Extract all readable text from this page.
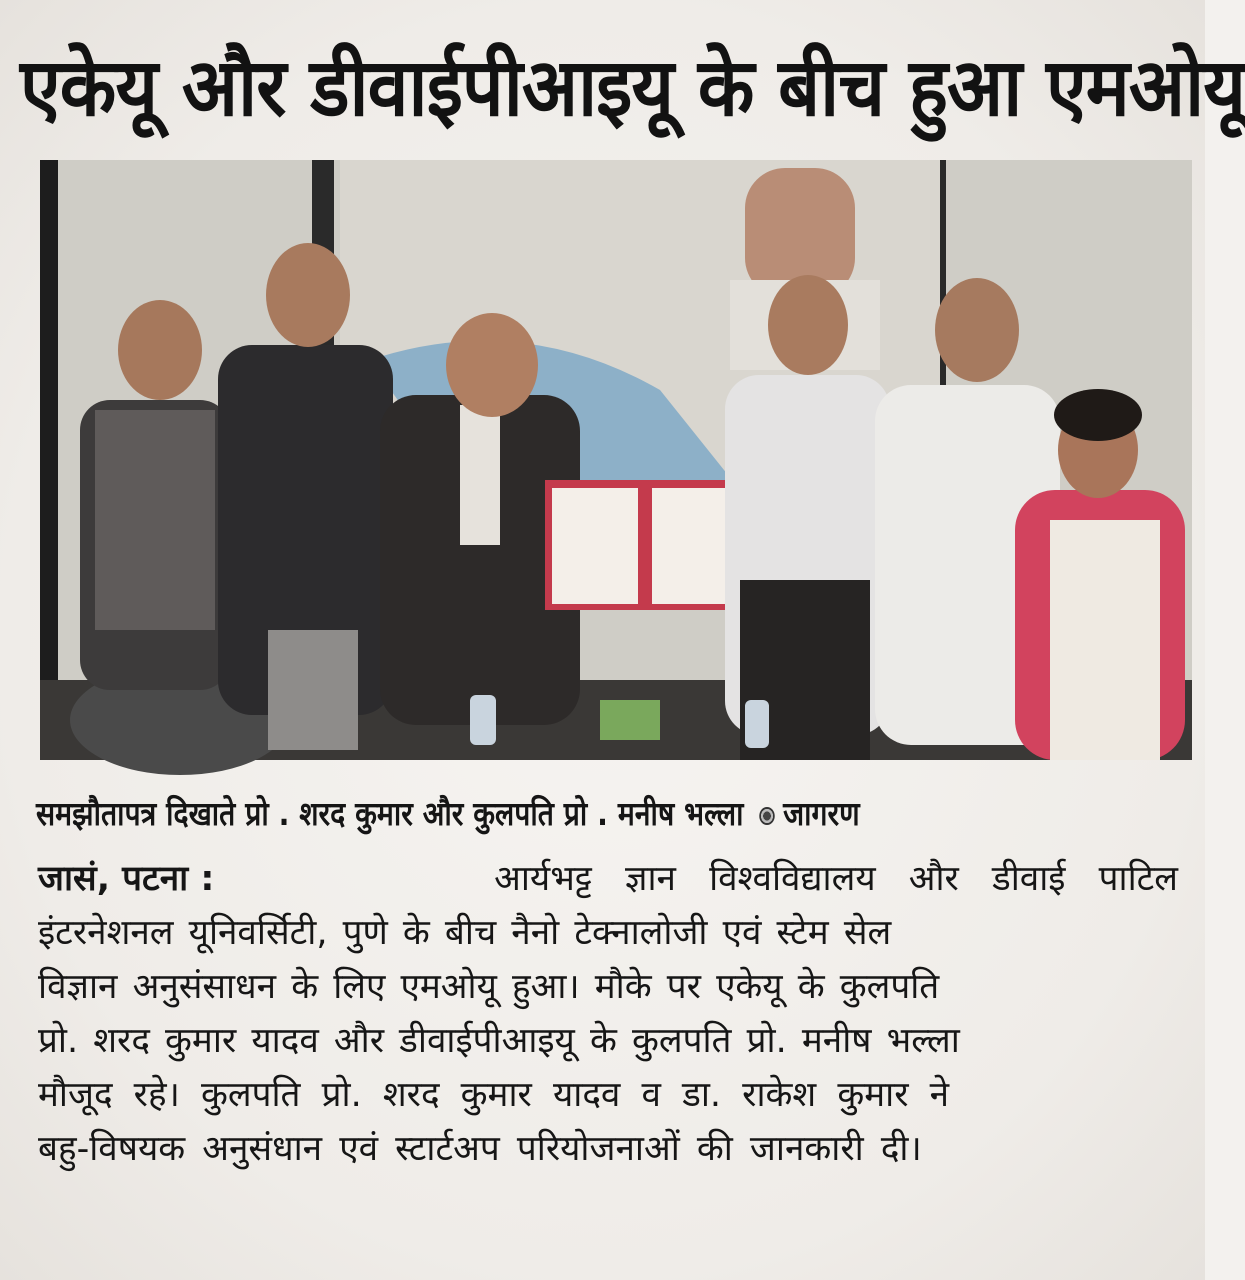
एकेयू और डीवाईपीआइयू के बीच हुआ एमओयू
समझौतापत्र दिखाते प्रो . शरद कुमार और कुलपति प्रो . मनीष भल्ला जागरण
जासं, पटना :	आर्यभट्ट ज्ञान विश्वविद्यालय और डीवाई पाटिल
इंटरनेशनल यूनिवर्सिटी, पुणे के बीच नैनो टेक्नालोजी एवं स्टेम सेल
विज्ञान अनुसंसाधन के लिए एमओयू हुआ। मौके पर एकेयू के कुलपति
प्रो. शरद कुमार यादव और डीवाईपीआइयू के कुलपति प्रो. मनीष भल्ला
मौजूद रहे। कुलपति प्रो. शरद कुमार यादव व डा. राकेश कुमार ने
बहु-विषयक अनुसंधान एवं स्टार्टअप परियोजनाओं की जानकारी दी।
